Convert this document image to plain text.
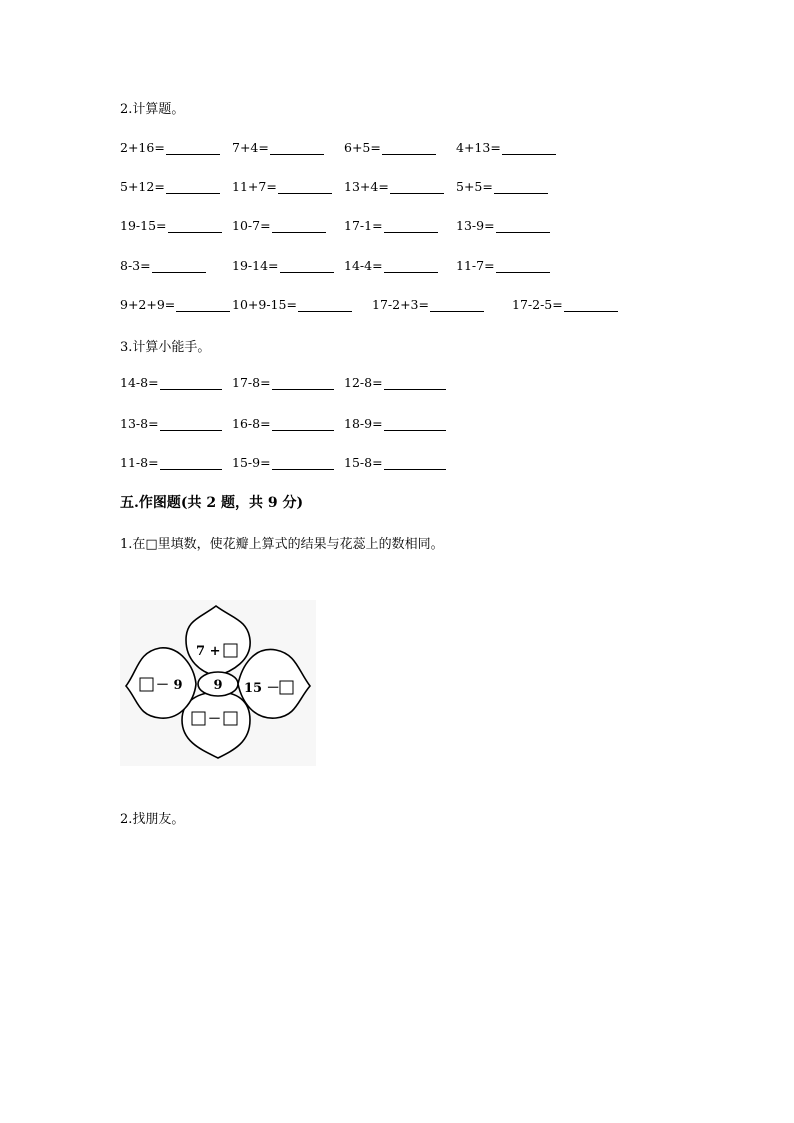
2.计算题。
2+16=	7+4=	6+5=	4+13=
5+12=	11+7=	13+4=	5+5=
19-15=	10-7=	17-1=	13-9=
8-3=	19-14=	14-4=	11-7=
9+2+9=	10+9-15=	17-2+3=	17-2-5=
3.计算小能手。
14-8=	17-8=	12-8=
13-8=	16-8=	18-9=
11-8=	15-9=	15-8=
五.作图题(共 2 题，共 9 分)
1.在□里填数，使花瓣上算式的结果与花蕊上的数相同。
9
7 +
－ 9	15 －
－
2.找朋友。
